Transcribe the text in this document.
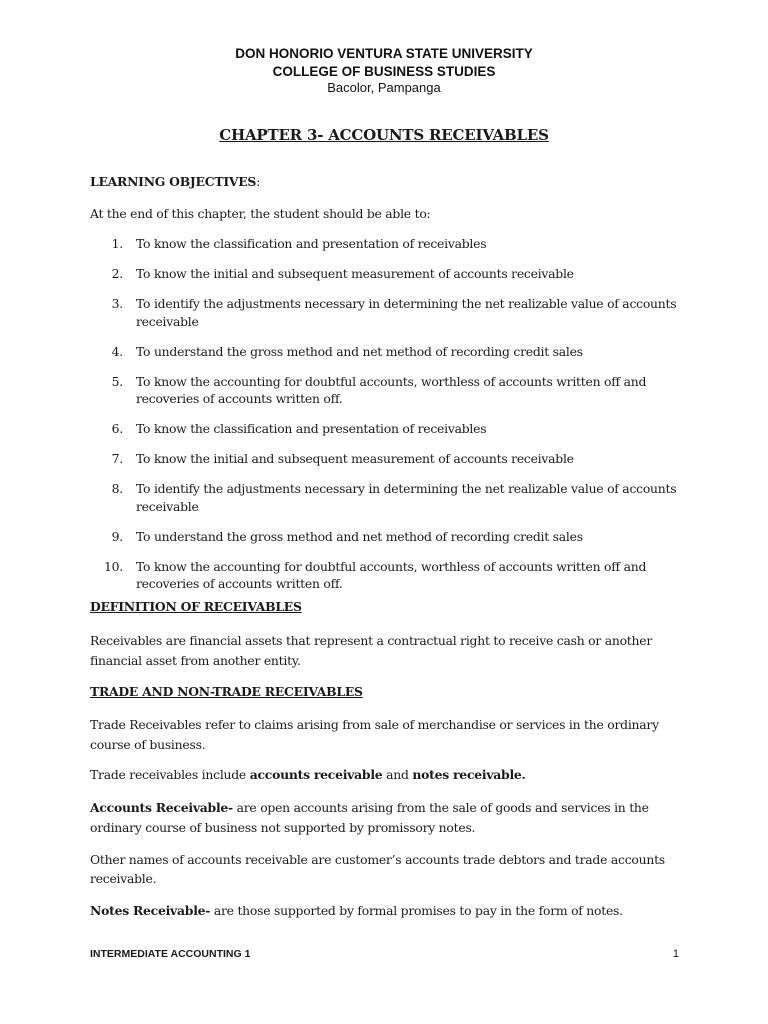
DON HONORIO VENTURA STATE UNIVERSITY
COLLEGE OF BUSINESS STUDIES
Bacolor, Pampanga
CHAPTER 3- ACCOUNTS RECEIVABLES
LEARNING OBJECTIVES:
At the end of this chapter, the student should be able to:
1. To know the classification and presentation of receivables
2. To know the initial and subsequent measurement of accounts receivable
3. To identify the adjustments necessary in determining the net realizable value of accounts receivable
4. To understand the gross method and net method of recording credit sales
5. To know the accounting for doubtful accounts, worthless of accounts written off and recoveries of accounts written off.
6. To know the classification and presentation of receivables
7. To know the initial and subsequent measurement of accounts receivable
8. To identify the adjustments necessary in determining the net realizable value of accounts receivable
9. To understand the gross method and net method of recording credit sales
10. To know the accounting for doubtful accounts, worthless of accounts written off and recoveries of accounts written off.
DEFINITION OF RECEIVABLES
Receivables are financial assets that represent a contractual right to receive cash or another financial asset from another entity.
TRADE AND NON-TRADE RECEIVABLES
Trade Receivables refer to claims arising from sale of merchandise or services in the ordinary course of business.
Trade receivables include accounts receivable and notes receivable.
Accounts Receivable- are open accounts arising from the sale of goods and services in the ordinary course of business not supported by promissory notes.
Other names of accounts receivable are customer’s accounts trade debtors and trade accounts receivable.
Notes Receivable- are those supported by formal promises to pay in the form of notes.
INTERMEDIATE ACCOUNTING 1	1
